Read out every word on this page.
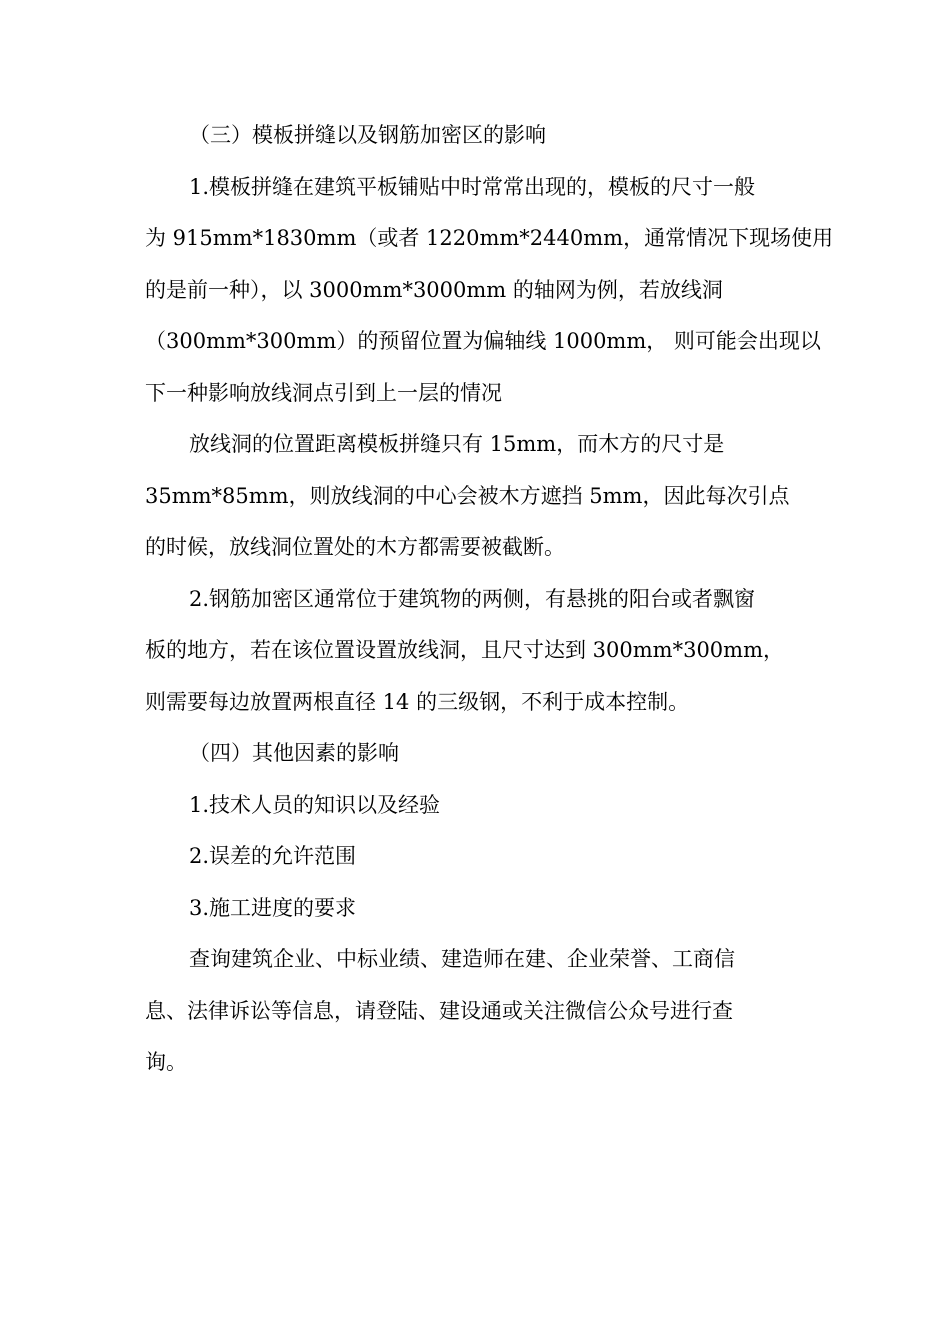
（三）模板拼缝以及钢筋加密区的影响
1.模板拼缝在建筑平板铺贴中时常常出现的，模板的尺寸一般
为 915mm*1830mm（或者 1220mm*2440mm，通常情况下现场使用
的是前一种），以 3000mm*3000mm 的轴网为例，若放线洞
（300mm*300mm）的预留位置为偏轴线 1000mm， 则可能会出现以
下一种影响放线洞点引到上一层的情况
放线洞的位置距离模板拼缝只有 15mm，而木方的尺寸是
35mm*85mm，则放线洞的中心会被木方遮挡 5mm，因此每次引点
的时候，放线洞位置处的木方都需要被截断。
2.钢筋加密区通常位于建筑物的两侧，有悬挑的阳台或者飘窗
板的地方，若在该位置设置放线洞，且尺寸达到 300mm*300mm，
则需要每边放置两根直径 14 的三级钢，不利于成本控制。
（四）其他因素的影响
1.技术人员的知识以及经验
2.误差的允许范围
3.施工进度的要求
查询建筑企业、中标业绩、建造师在建、企业荣誉、工商信
息、法律诉讼等信息，请登陆、建设通或关注微信公众号进行查
询。
